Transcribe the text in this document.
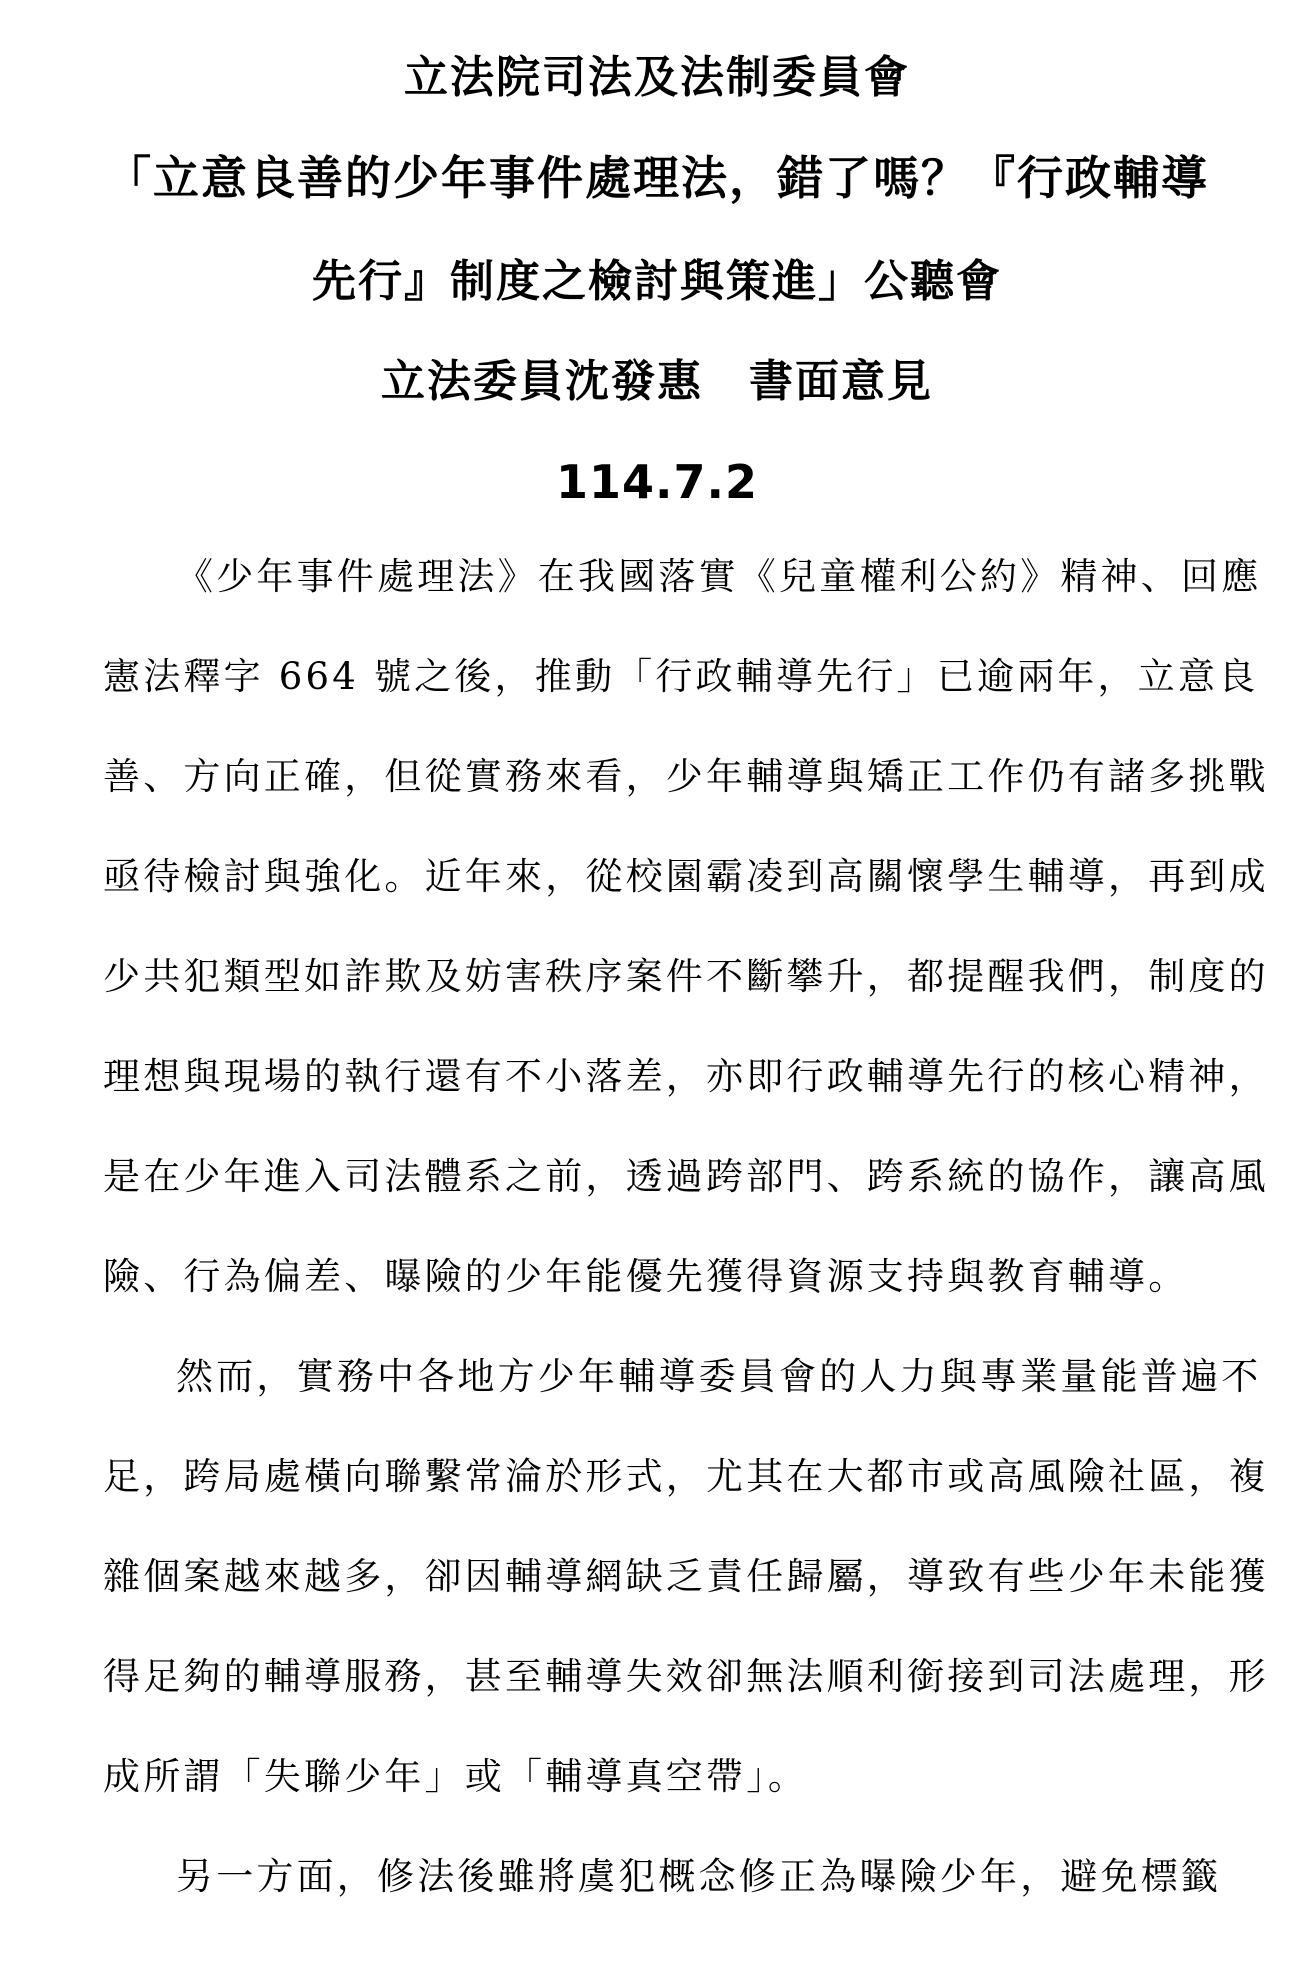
立法院司法及法制委員會
「立意良善的少年事件處理法，錯了嗎？『行政輔導
先行』制度之檢討與策進」公聽會
立法委員沈發惠　書面意見
114.7.2
《少年事件處理法》在我國落實《兒童權利公約》精神、回應
憲法釋字 664 號之後，推動「行政輔導先行」已逾兩年，立意良
善、方向正確，但從實務來看，少年輔導與矯正工作仍有諸多挑戰
亟待檢討與強化。近年來，從校園霸凌到高關懷學生輔導，再到成
少共犯類型如詐欺及妨害秩序案件不斷攀升，都提醒我們，制度的
理想與現場的執行還有不小落差，亦即行政輔導先行的核心精神，
是在少年進入司法體系之前，透過跨部門、跨系統的協作，讓高風
險、行為偏差、曝險的少年能優先獲得資源支持與教育輔導。
然而，實務中各地方少年輔導委員會的人力與專業量能普遍不
足，跨局處橫向聯繫常淪於形式，尤其在大都市或高風險社區，複
雜個案越來越多，卻因輔導網缺乏責任歸屬，導致有些少年未能獲
得足夠的輔導服務，甚至輔導失效卻無法順利銜接到司法處理，形
成所謂「失聯少年」或「輔導真空帶」。
另一方面，修法後雖將虞犯概念修正為曝險少年，避免標籤
